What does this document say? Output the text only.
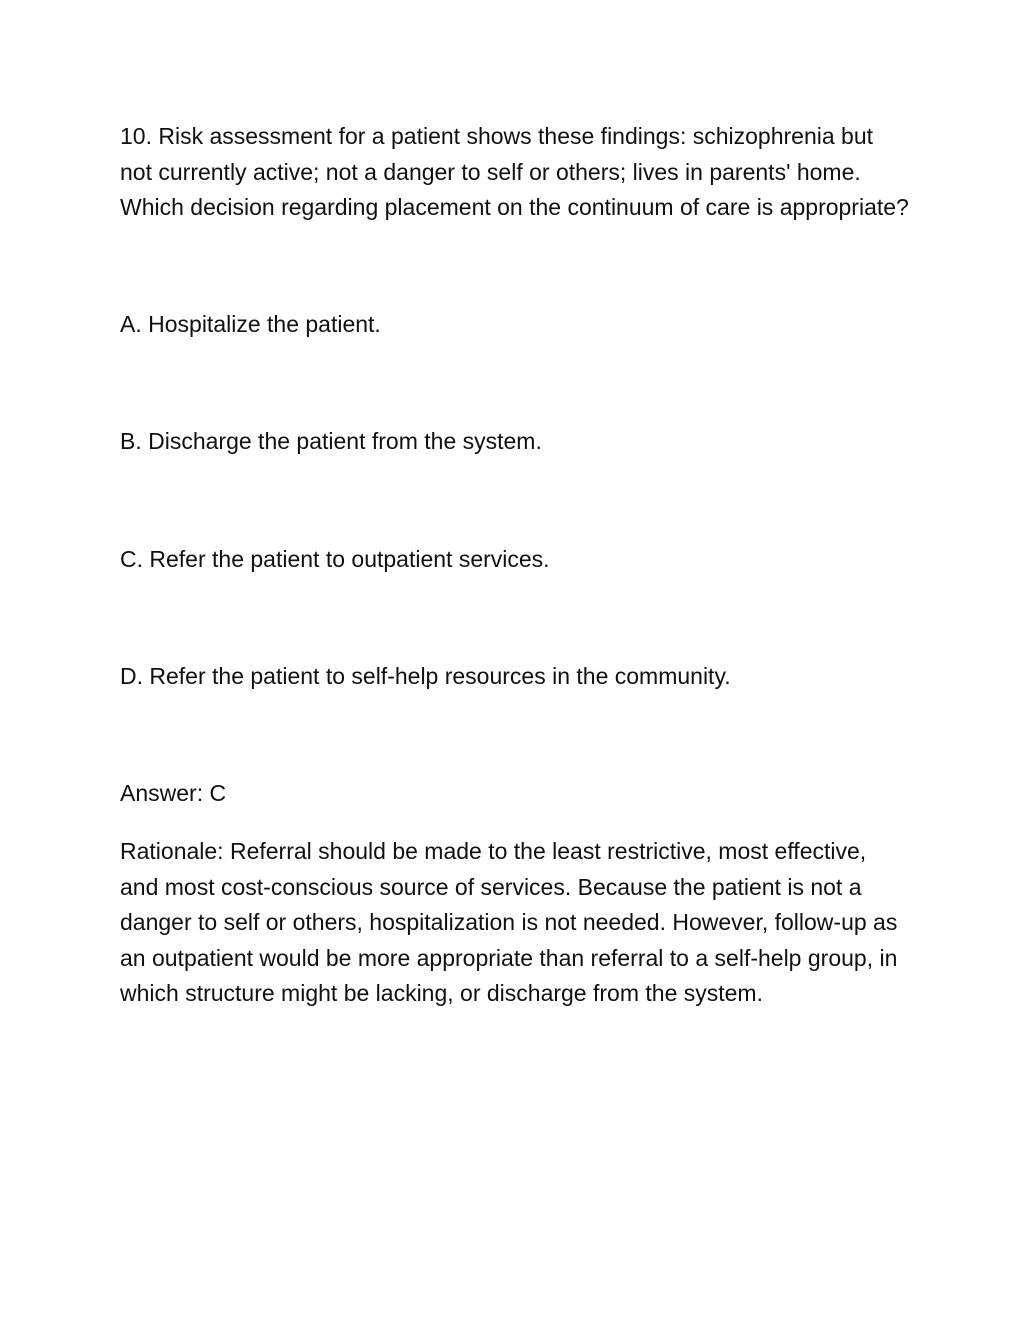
10. Risk assessment for a patient shows these findings: schizophrenia but not currently active; not a danger to self or others; lives in parents' home. Which decision regarding placement on the continuum of care is appropriate?

A. Hospitalize the patient.

B. Discharge the patient from the system.

C. Refer the patient to outpatient services.

D. Refer the patient to self-help resources in the community.

Answer: C

Rationale: Referral should be made to the least restrictive, most effective, and most cost-conscious source of services. Because the patient is not a danger to self or others, hospitalization is not needed. However, follow-up as an outpatient would be more appropriate than referral to a self-help group, in which structure might be lacking, or discharge from the system.
